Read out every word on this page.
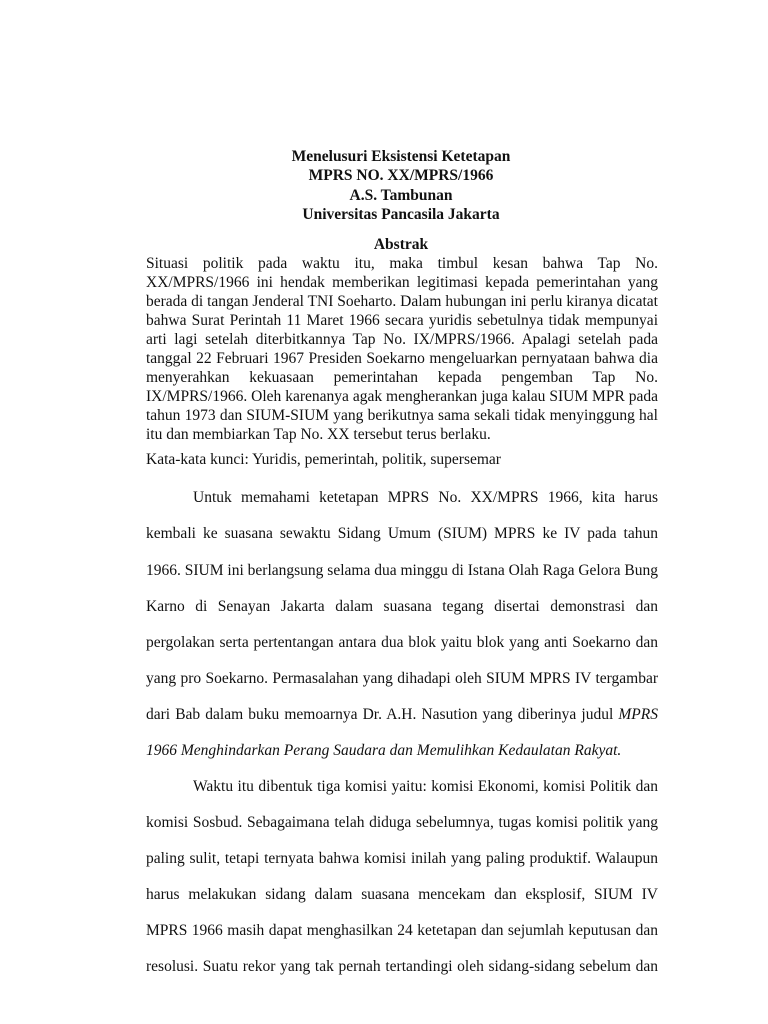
Menelusuri Eksistensi Ketetapan
MPRS NO. XX/MPRS/1966
A.S. Tambunan
Universitas Pancasila Jakarta
Abstrak
Situasi politik pada waktu itu, maka timbul kesan bahwa Tap No.
XX/MPRS/1966 ini hendak memberikan legitimasi kepada pemerintahan yang
berada di tangan Jenderal TNI Soeharto. Dalam hubungan ini perlu kiranya dicatat
bahwa Surat Perintah 11 Maret 1966 secara yuridis sebetulnya tidak mempunyai
arti lagi setelah diterbitkannya Tap No. IX/MPRS/1966. Apalagi setelah pada
tanggal 22 Februari 1967 Presiden Soekarno mengeluarkan pernyataan bahwa dia
menyerahkan kekuasaan pemerintahan kepada pengemban Tap No.
IX/MPRS/1966. Oleh karenanya agak mengherankan juga kalau SIUM MPR pada
tahun 1973 dan SIUM-SIUM yang berikutnya sama sekali tidak menyinggung hal
itu dan membiarkan Tap No. XX tersebut terus berlaku.
Kata-kata kunci: Yuridis, pemerintah, politik, supersemar
Untuk memahami ketetapan MPRS No. XX/MPRS 1966, kita harus
kembali ke suasana sewaktu Sidang Umum (SIUM) MPRS ke IV pada tahun
1966. SIUM ini berlangsung selama dua minggu di Istana Olah Raga Gelora Bung
Karno di Senayan Jakarta dalam suasana tegang disertai demonstrasi dan
pergolakan serta pertentangan antara dua blok yaitu blok yang anti Soekarno dan
yang pro Soekarno. Permasalahan yang dihadapi oleh SIUM MPRS IV tergambar
dari Bab dalam buku memoarnya Dr. A.H. Nasution yang diberinya judul MPRS
1966 Menghindarkan Perang Saudara dan Memulihkan Kedaulatan Rakyat.
Waktu itu dibentuk tiga komisi yaitu: komisi Ekonomi, komisi Politik dan
komisi Sosbud. Sebagaimana telah diduga sebelumnya, tugas komisi politik yang
paling sulit, tetapi ternyata bahwa komisi inilah yang paling produktif. Walaupun
harus melakukan sidang dalam suasana mencekam dan eksplosif, SIUM IV
MPRS 1966 masih dapat menghasilkan 24 ketetapan dan sejumlah keputusan dan
resolusi. Suatu rekor yang tak pernah tertandingi oleh sidang-sidang sebelum dan
